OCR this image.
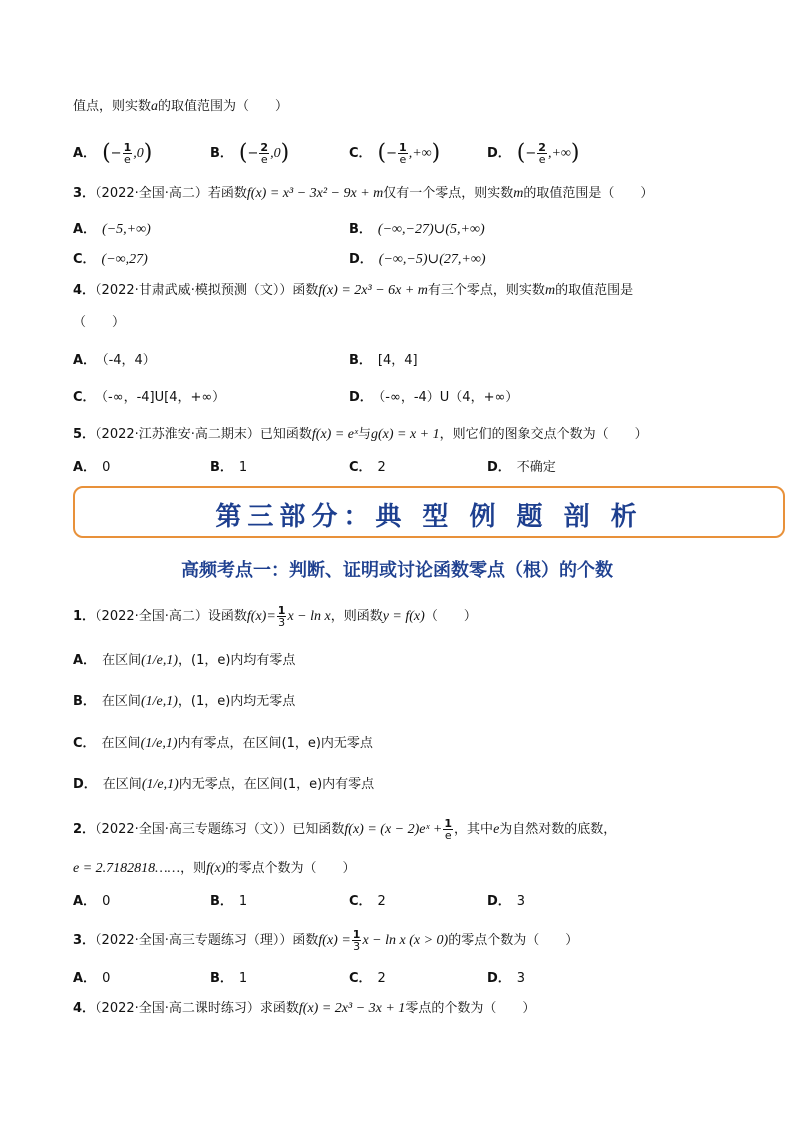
值点，则实数a的取值范围为（　　）
A． (− $\frac{1}{e} ,0$)	B． (− $\frac{2}{e} ,0$)	C． (− $\frac{1}{e}$ ,+∞)	D． (− $\frac{2}{e}$ ,+∞)
3．（2022·全国·高二）若函数f(x) = x³ − 3x² − 9x + m仅有一个零点，则实数m的取值范围是（　　）
A． (−5,+∞)	B． (−∞,−27)∪(5,+∞)
C． (−∞,27)	D． (−∞,−5)∪(27,+∞)
4．（2022·甘肃武威·模拟预测（文））函数f(x) = 2x³ − 6x + m有三个零点，则实数m的取值范围是
（　　）
A． （-4，4）	B． [4，4]
C． （-∞，-4]U[4，+∞）	D． （-∞，-4）U（4，+∞）
5．（2022·江苏淮安·高二期末）已知函数f(x) = eˣ与g(x) = x + 1，则它们的图象交点个数为（　　）
A． 0	B． 1	C． 2	D． 不确定
第三部分：典 型 例 题 剖 析
高频考点一：判断、证明或讨论函数零点（根）的个数
1．（2022·全国·高二）设函数$f(x)= \frac{1}{3}$ x − ln x，则函数y = f(x)（　　）
A． 在区间(1/e,1)，(1，e)内均有零点
B． 在区间(1/e,1)，(1，e)内均无零点
C． 在区间(1/e,1)内有零点，在区间(1，e)内无零点
D． 在区间(1/e,1)内无零点，在区间(1，e)内有零点
2．（2022·全国·高三专题练习（文））已知函数f(x) = (x − 2)eˣ + $\frac{1}{e}$ ，其中e为自然对数的底数，
e = 2.7182818……，则f(x)的零点个数为（　　）
A． 0	B． 1	C． 2	D． 3
3．（2022·全国·高三专题练习（理））函数$f(x) = \frac{1}{3}$ x − ln x (x > 0)的零点个数为（　　）
A． 0	B． 1	C． 2	D． 3
4．（2022·全国·高二课时练习）求函数f(x) = 2x³ − 3x + 1零点的个数为（　　）
